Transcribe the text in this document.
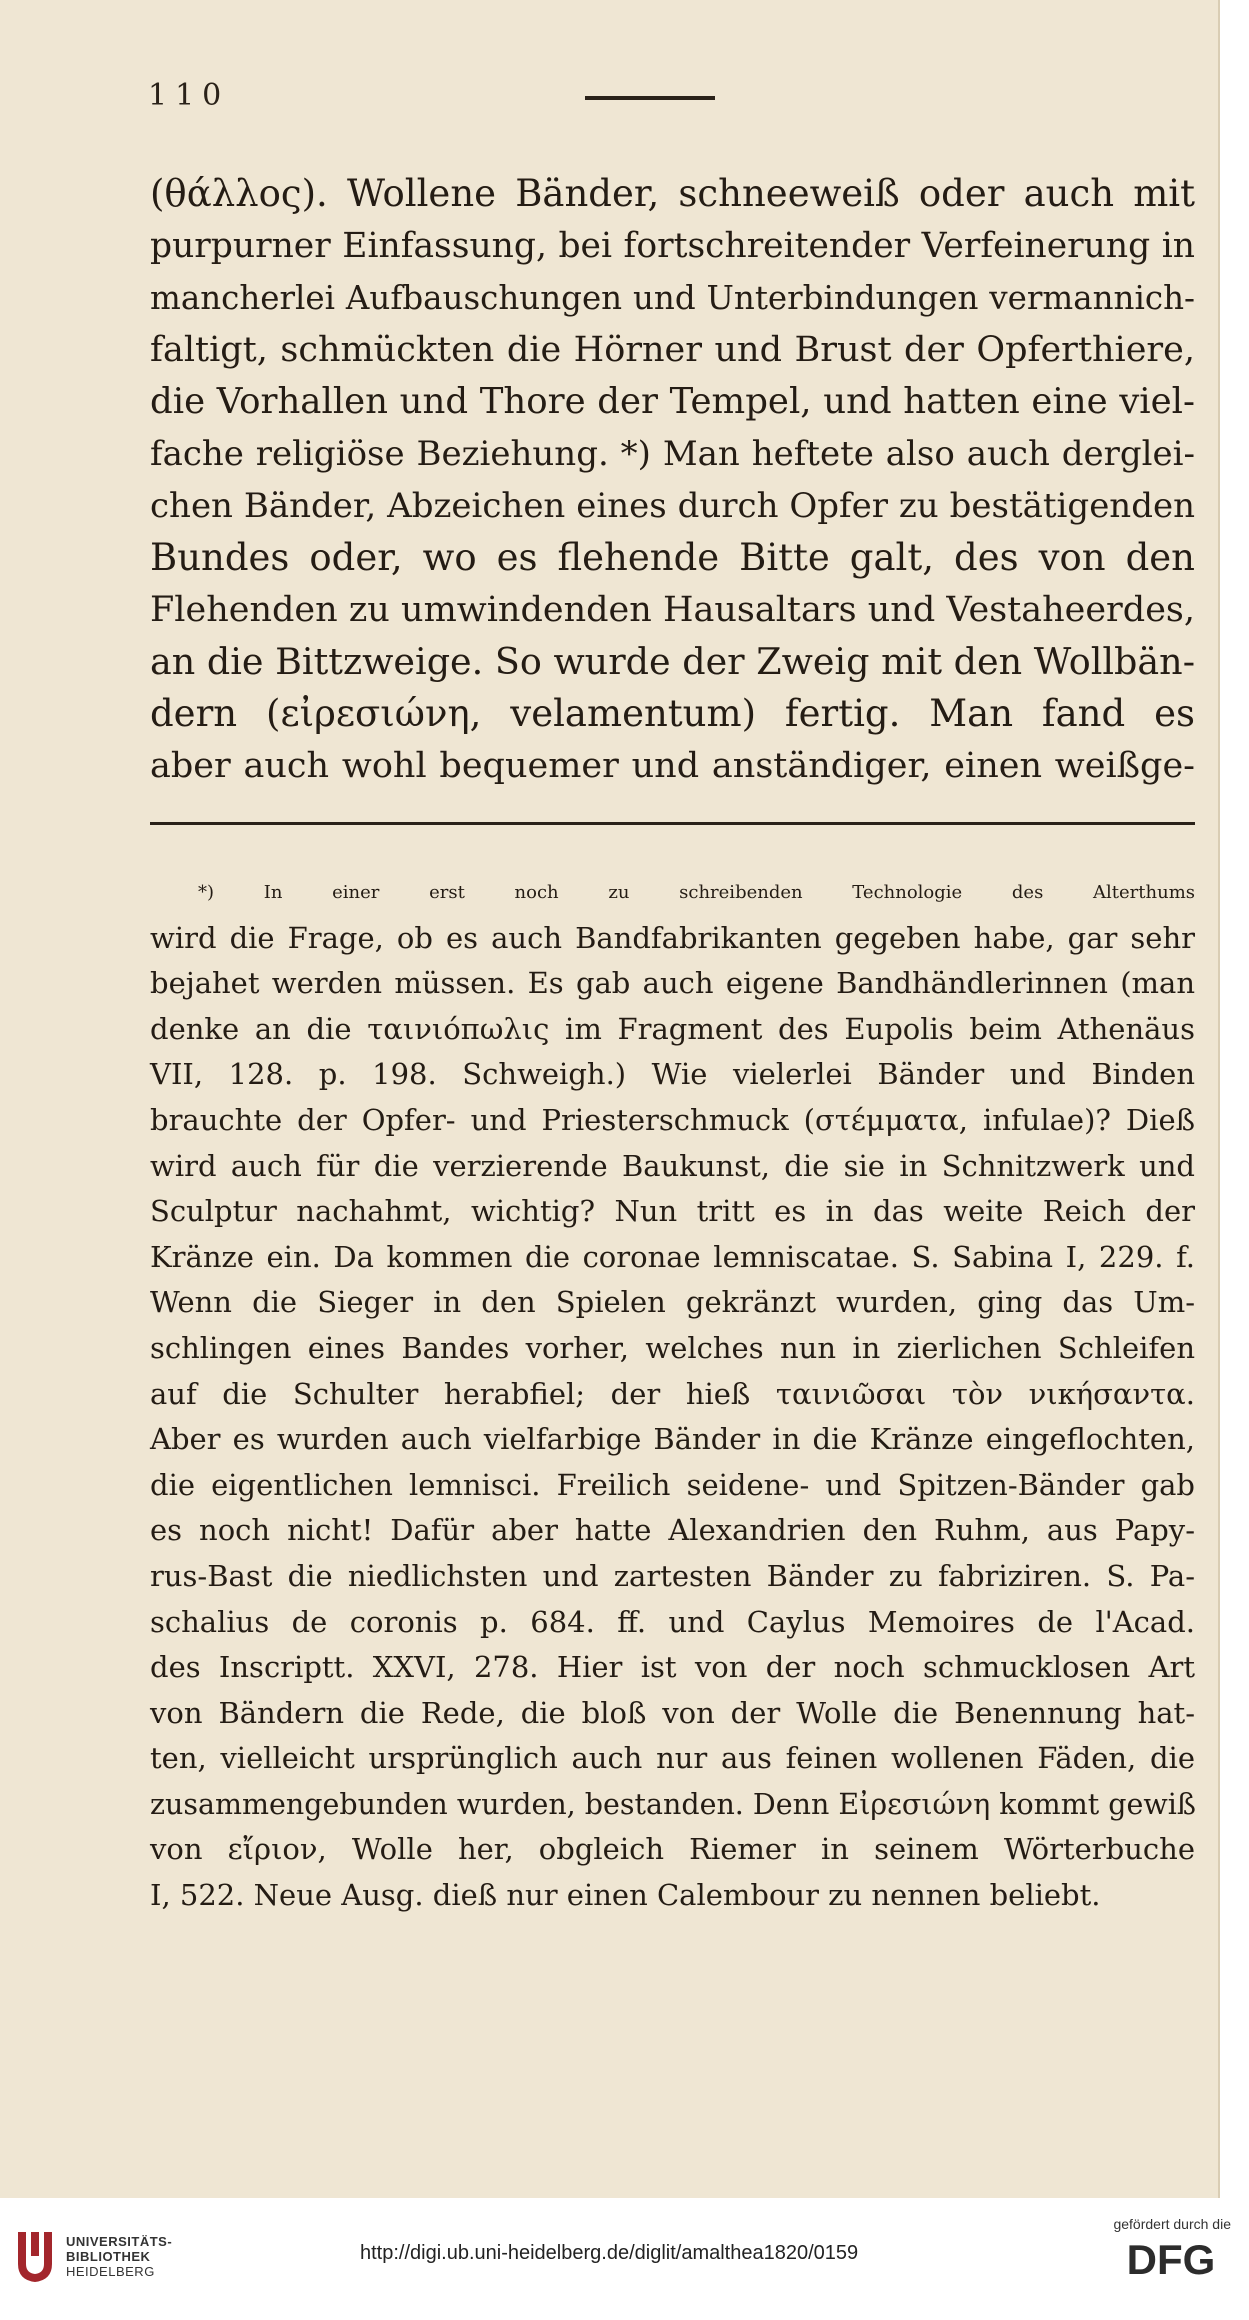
110
(θάλλος). Wollene Bänder, schneeweiß oder auch mit
purpurner Einfassung, bei fortschreitender Verfeinerung in
mancherlei Aufbauschungen und Unterbindungen vermannich-
faltigt, schmückten die Hörner und Brust der Opferthiere,
die Vorhallen und Thore der Tempel, und hatten eine viel-
fache religiöse Beziehung. *) Man heftete also auch derglei-
chen Bänder, Abzeichen eines durch Opfer zu bestätigenden
Bundes oder, wo es flehende Bitte galt, des von den
Flehenden zu umwindenden Hausaltars und Vestaheerdes,
an die Bittzweige. So wurde der Zweig mit den Wollbän-
dern (εἰρεσιώνη, velamentum) fertig. Man fand es
aber auch wohl bequemer und anständiger, einen weißge-
*) In einer erst noch zu schreibenden Technologie des Alterthums
wird die Frage, ob es auch Bandfabrikanten gegeben habe, gar sehr
bejahet werden müssen. Es gab auch eigene Bandhändlerinnen (man
denke an die ταινιόπωλις im Fragment des Eupolis beim Athenäus
VII, 128. p. 198. Schweigh.) Wie vielerlei Bänder und Binden
brauchte der Opfer- und Priesterschmuck (στέμματα, infulae)? Dieß
wird auch für die verzierende Baukunst, die sie in Schnitzwerk und
Sculptur nachahmt, wichtig? Nun tritt es in das weite Reich der
Kränze ein. Da kommen die coronae lemniscatae. S. Sabina I, 229. f.
Wenn die Sieger in den Spielen gekränzt wurden, ging das Um-
schlingen eines Bandes vorher, welches nun in zierlichen Schleifen
auf die Schulter herabfiel; der hieß ταινιῶσαι τὸν νικήσαντα.
Aber es wurden auch vielfarbige Bänder in die Kränze eingeflochten,
die eigentlichen lemnisci. Freilich seidene- und Spitzen-Bänder gab
es noch nicht! Dafür aber hatte Alexandrien den Ruhm, aus Papy-
rus-Bast die niedlichsten und zartesten Bänder zu fabriziren. S. Pa-
schalius de coronis p. 684. ff. und Caylus Memoires de l'Acad.
des Inscriptt. XXVI, 278. Hier ist von der noch schmucklosen Art
von Bändern die Rede, die bloß von der Wolle die Benennung hat-
ten, vielleicht ursprünglich auch nur aus feinen wollenen Fäden, die
zusammengebunden wurden, bestanden. Denn Εἰρεσιώνη kommt gewiß
von εἴριον, Wolle her, obgleich Riemer in seinem Wörterbuche
I, 522. Neue Ausg. dieß nur einen Calembour zu nennen beliebt.
UNIVERSITÄTS-
BIBLIOTHEK
HEIDELBERG
http://digi.ub.uni-heidelberg.de/diglit/amalthea1820/0159
gefördert durch die
DFG
